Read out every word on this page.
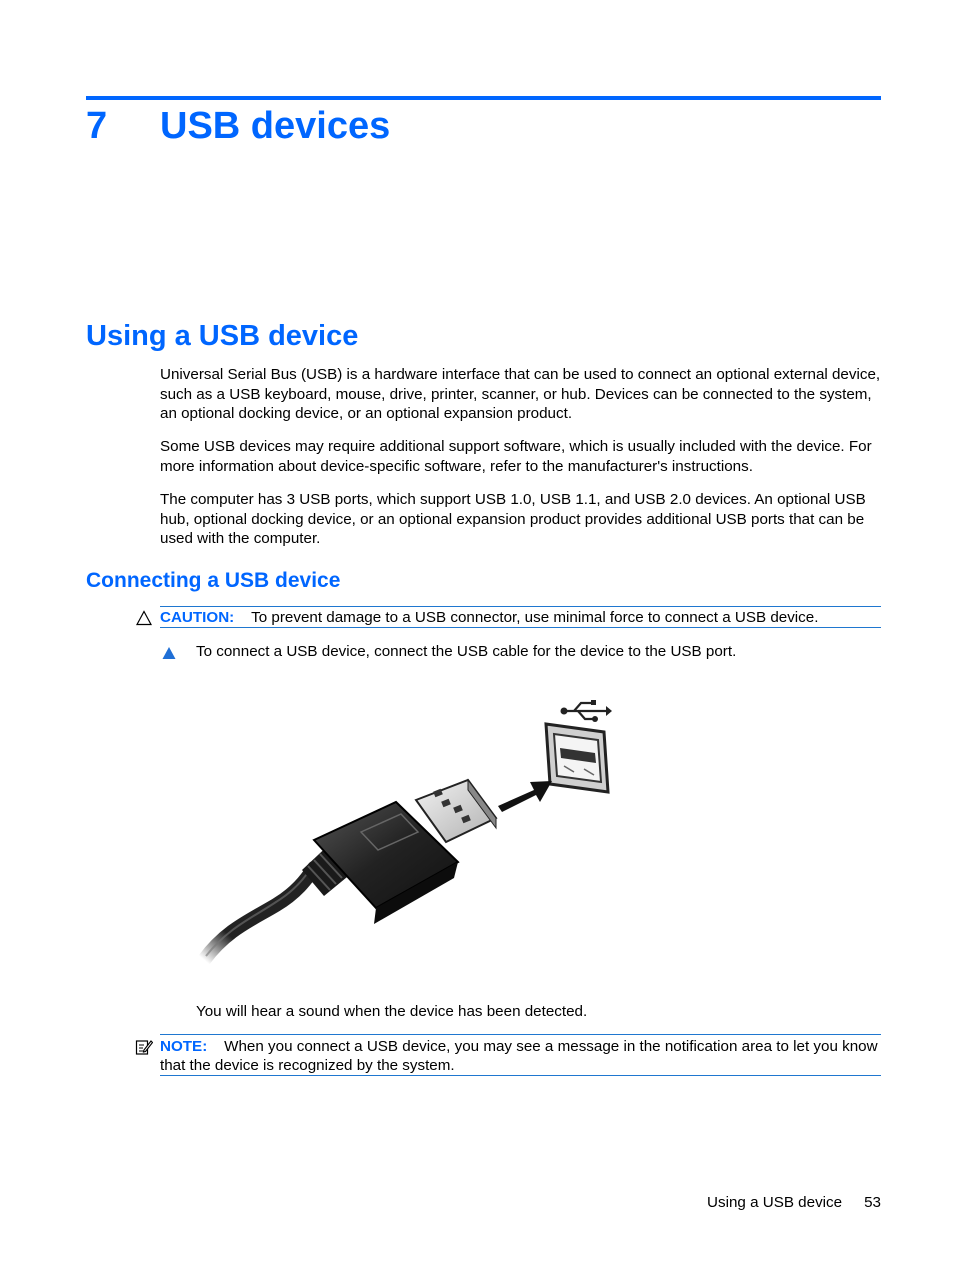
7 USB devices
Using a USB device
Universal Serial Bus (USB) is a hardware interface that can be used to connect an optional external device, such as a USB keyboard, mouse, drive, printer, scanner, or hub. Devices can be connected to the system, an optional docking device, or an optional expansion product.
Some USB devices may require additional support software, which is usually included with the device. For more information about device-specific software, refer to the manufacturer's instructions.
The computer has 3 USB ports, which support USB 1.0, USB 1.1, and USB 2.0 devices. An optional USB hub, optional docking device, or an optional expansion product provides additional USB ports that can be used with the computer.
Connecting a USB device
CAUTION: To prevent damage to a USB connector, use minimal force to connect a USB device.
To connect a USB device, connect the USB cable for the device to the USB port.
You will hear a sound when the device has been detected.
NOTE: When you connect a USB device, you may see a message in the notification area to let you know that the device is recognized by the system.
Using a USB device 53
